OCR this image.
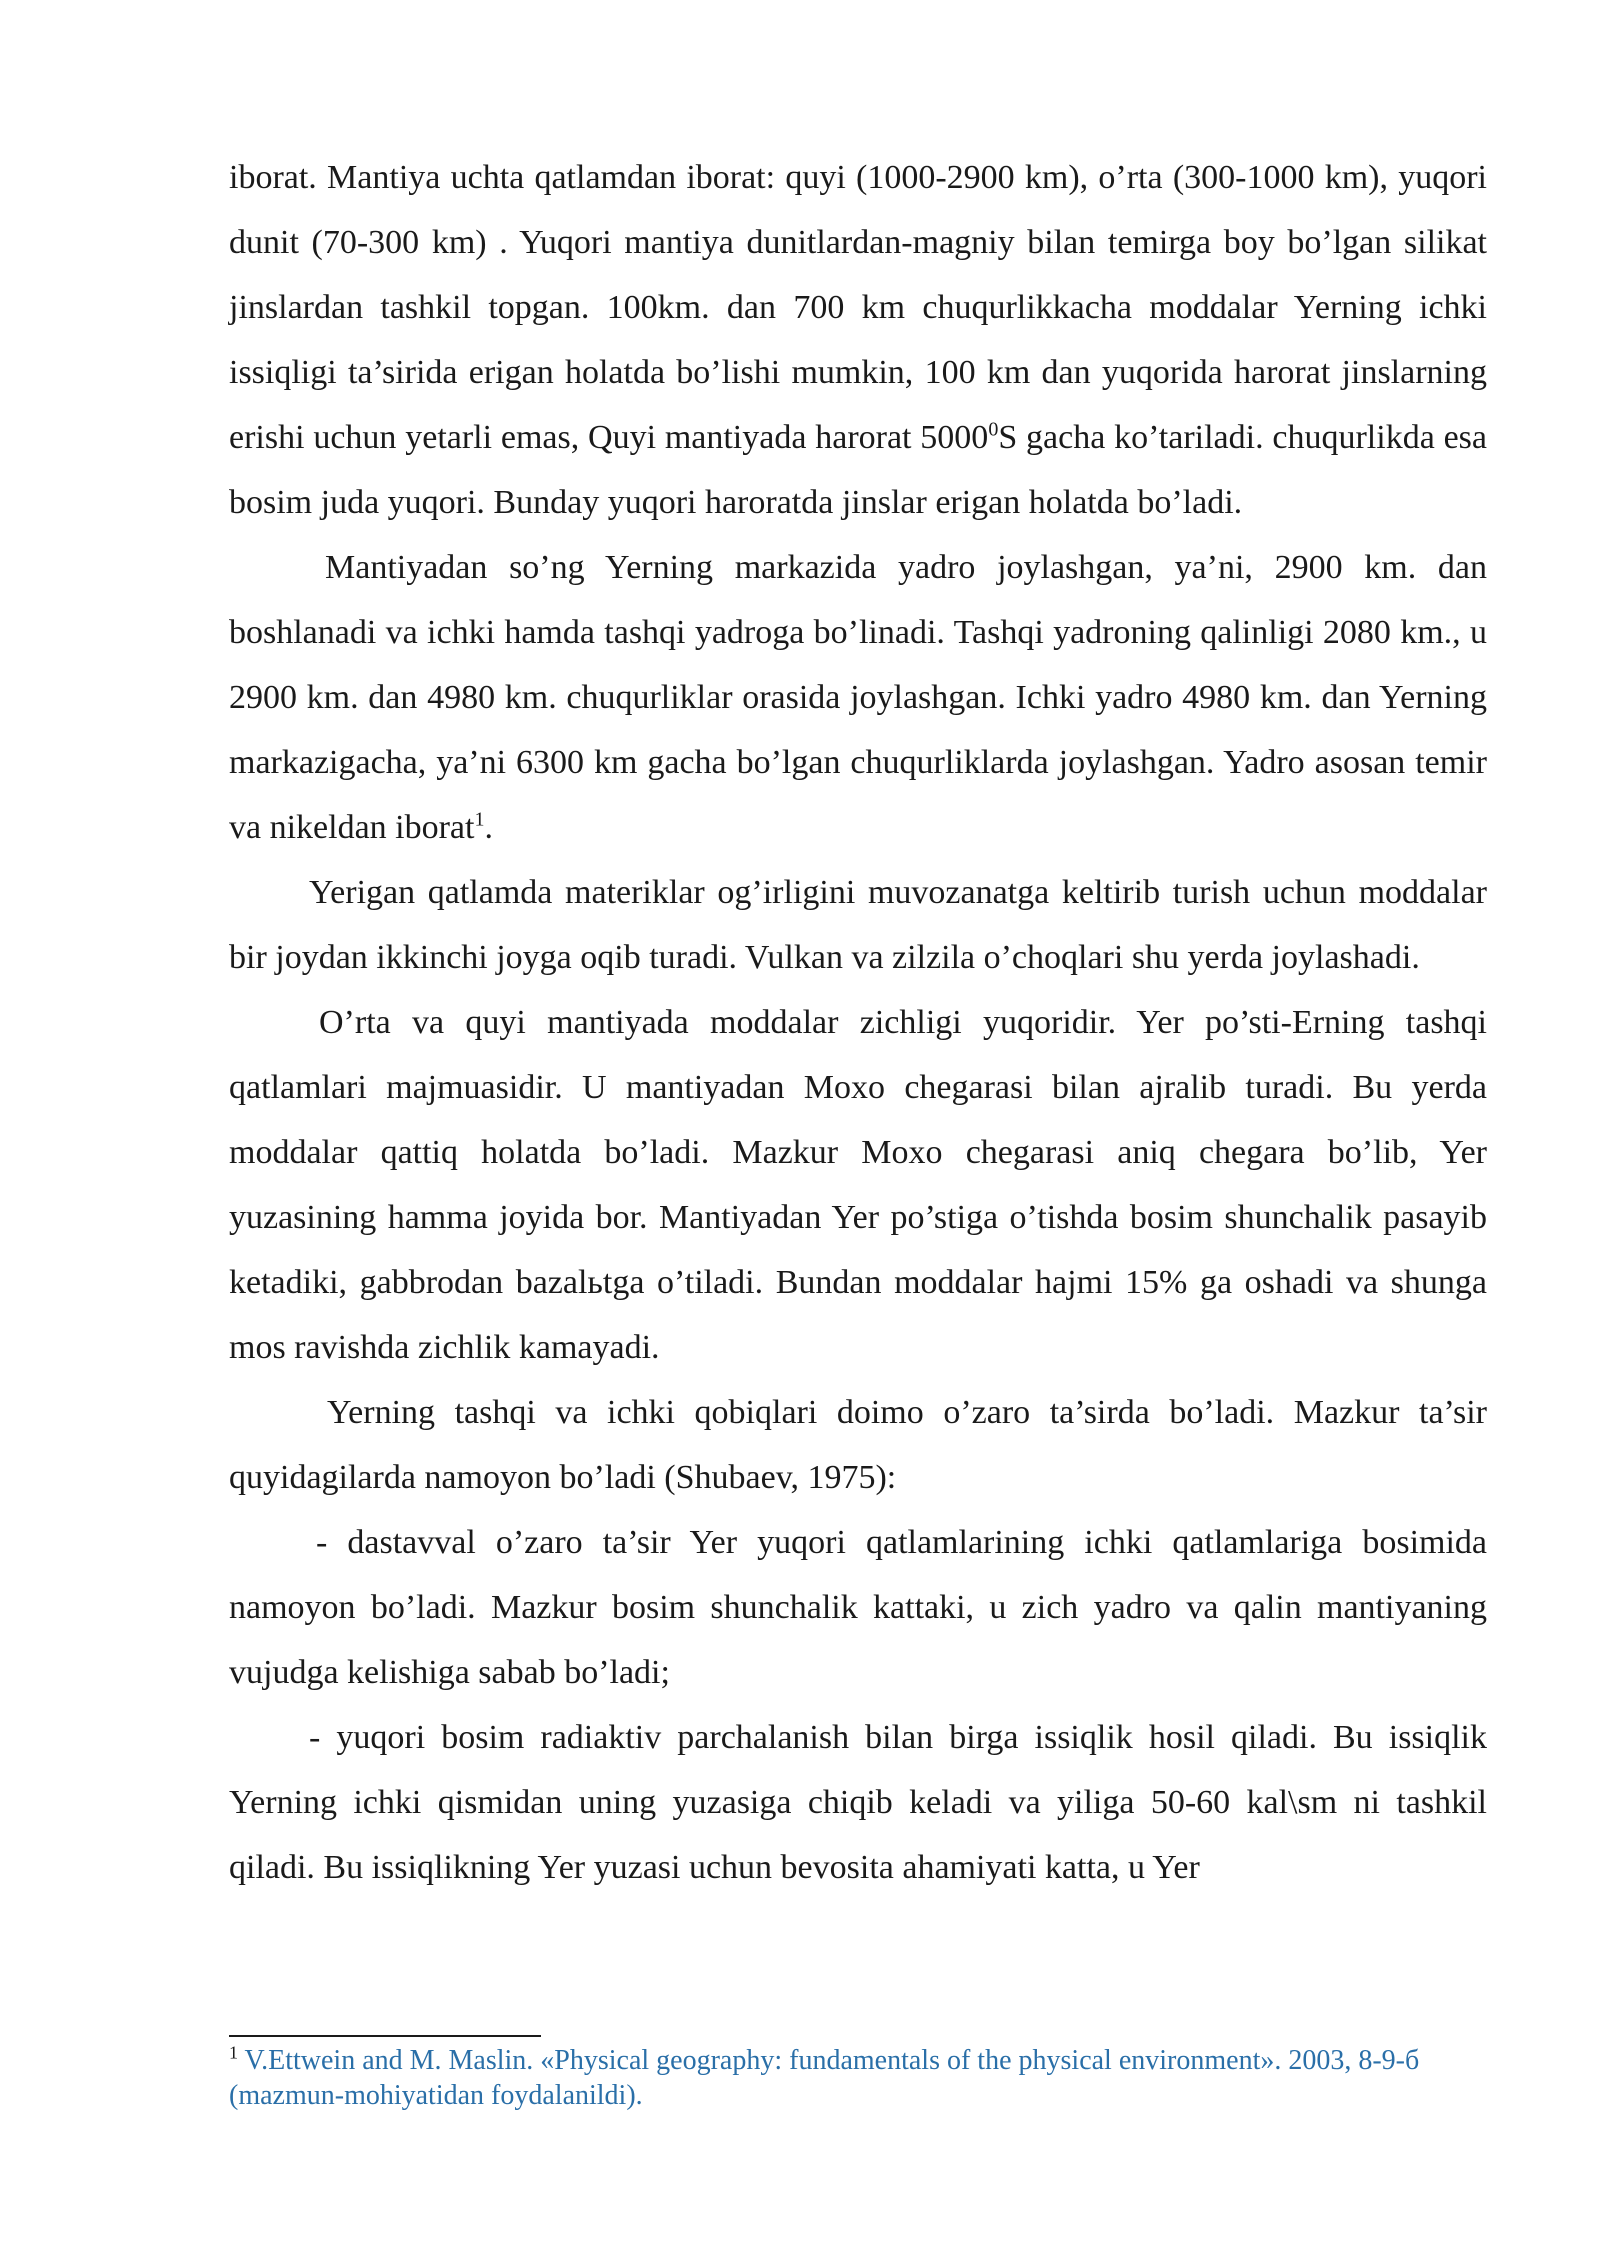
iborat. Mantiya uchta qatlamdan iborat: quyi (1000-2900 km), o’rta (300-1000 km), yuqori dunit (70-300 km) . Yuqori mantiya dunitlardan-magniy bilan temirga boy bo’lgan silikat jinslardan tashkil topgan. 100km. dan 700 km chuqurlikkacha moddalar Yerning ichki issiqligi ta’sirida erigan holatda bo’lishi mumkin, 100 km dan yuqorida harorat jinslarning erishi uchun yetarli emas, Quyi mantiyada harorat 5000$^0$S gacha ko’tariladi. chuqurlikda esa bosim juda yuqori. Bunday yuqori haroratda jinslar erigan holatda bo’ladi.

Mantiyadan so’ng Yerning markazida yadro joylashgan, ya’ni, 2900 km. dan boshlanadi va ichki hamda tashqi yadroga bo’linadi. Tashqi yadroning qalinligi 2080 km., u 2900 km. dan 4980 km. chuqurliklar orasida joylashgan. Ichki yadro 4980 km. dan Yerning markazigacha, ya’ni 6300 km gacha bo’lgan chuqurliklarda joylashgan. Yadro asosan temir va nikeldan iborat$^1$.

Yerigan qatlamda materiklar og’irligini muvozanatga keltirib turish uchun moddalar bir joydan ikkinchi joyga oqib turadi. Vulkan va zilzila o’choqlari shu yerda joylashadi.

O’rta va quyi mantiyada moddalar zichligi yuqoridir. Yer po’sti-Erning tashqi qatlamlari majmuasidir. U mantiyadan Moxo chegarasi bilan ajralib turadi. Bu yerda moddalar qattiq holatda bo’ladi. Mazkur Moxo chegarasi aniq chegara bo’lib, Yer yuzasining hamma joyida bor. Mantiyadan Yer po’stiga o’tishda bosim shunchalik pasayib ketadiki, gabbrodan bazalьtga o’tiladi. Bundan moddalar hajmi 15% ga oshadi va shunga mos ravishda zichlik kamayadi.

Yerning tashqi va ichki qobiqlari doimo o’zaro ta’sirda bo’ladi. Mazkur ta’sir quyidagilarda namoyon bo’ladi (Shubaev, 1975):

- dastavval o’zaro ta’sir Yer yuqori qatlamlarining ichki qatlamlariga bosimida namoyon bo’ladi. Mazkur bosim shunchalik kattaki, u zich yadro va qalin mantiyaning vujudga kelishiga sabab bo’ladi;

- yuqori bosim radiaktiv parchalanish bilan birga issiqlik hosil qiladi. Bu issiqlik Yerning ichki qismidan uning yuzasiga chiqib keladi va yiliga 50-60 kal\sm ni tashkil qiladi. Bu issiqlikning Yer yuzasi uchun bevosita ahamiyati katta, u Yer

$^1$ V.Ettwein and M. Maslin. «Physical geography: fundamentals of the physical environment». 2003, 8-9-б (mazmun-mohiyatidan foydalanildi).
